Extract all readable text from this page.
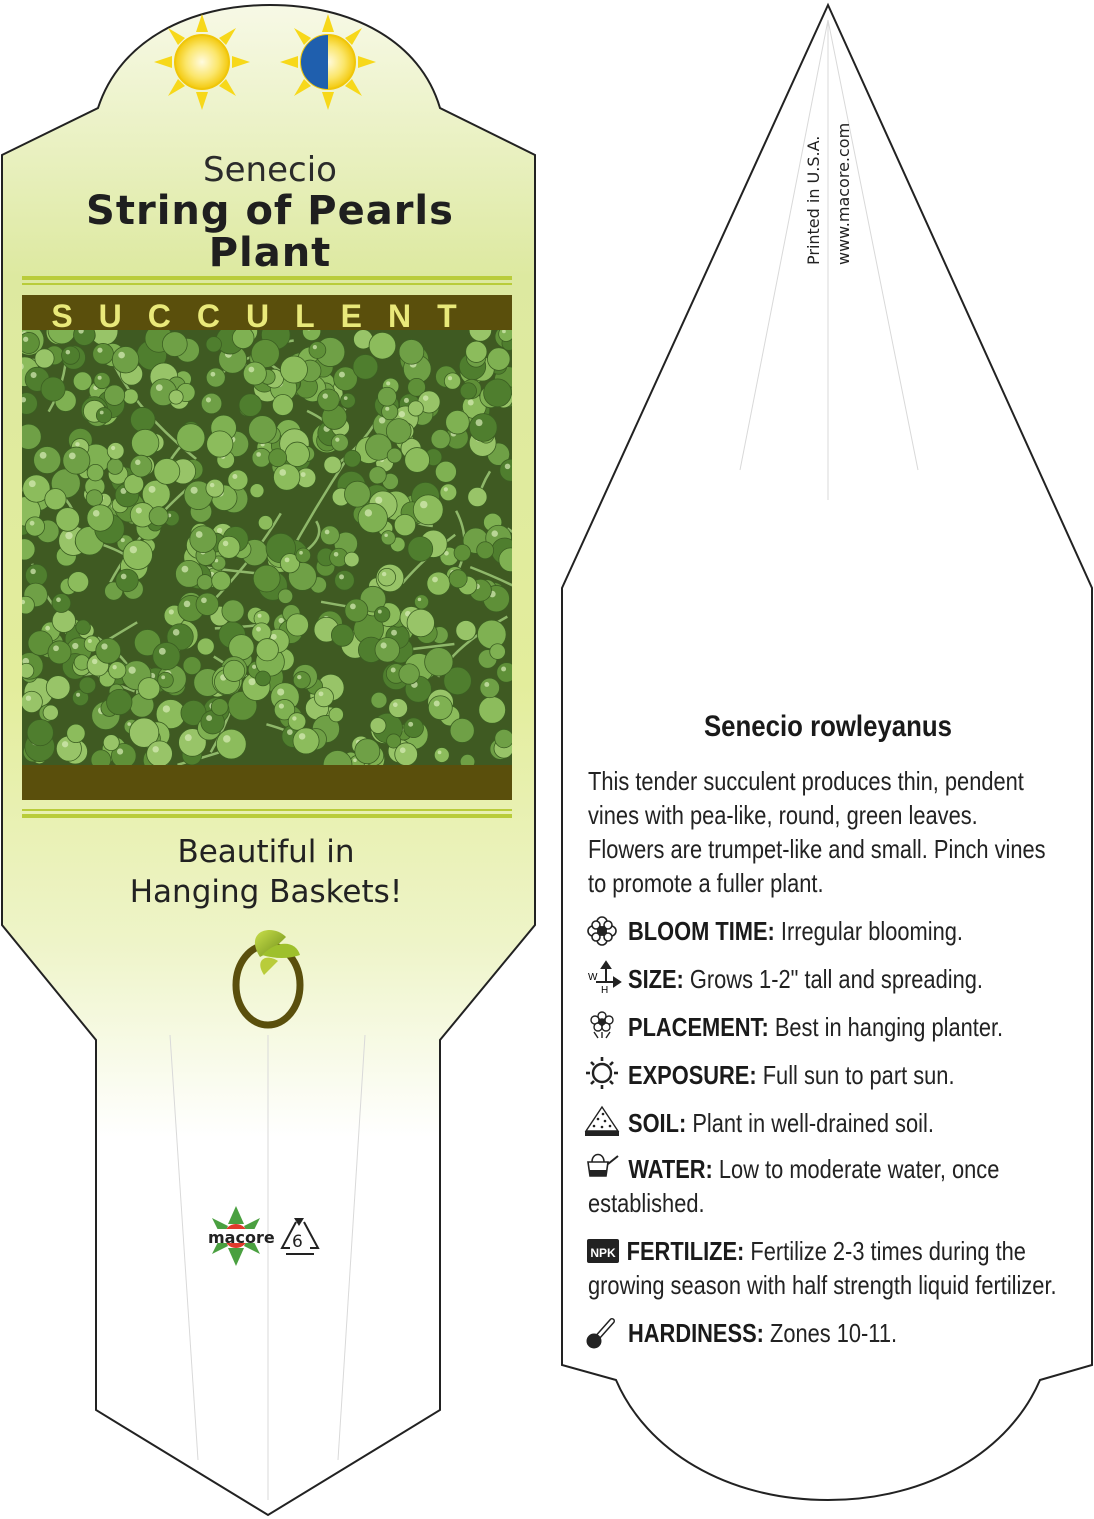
NPK
Senecio
String of Pearls
Plant
SUCCULENT
Beautiful in
Hanging Baskets!
macore 6
Printed in U.S.A. www.macore.com
Senecio rowleyanus
This tender succulent produces thin, pendent vines with pea-like, round, green leaves. Flowers are trumpet-like and small. Pinch vines to promote a fuller plant.
BLOOM TIME: Irregular blooming.
SIZE: Grows 1-2" tall and spreading.
PLACEMENT: Best in hanging planter.
EXPOSURE: Full sun to part sun.
SOIL: Plant in well-drained soil.
WATER: Low to moderate water, once established.
FERTILIZE: Fertilize 2-3 times during the growing season with half strength liquid fertilizer.
HARDINESS: Zones 10-11.
W
H
